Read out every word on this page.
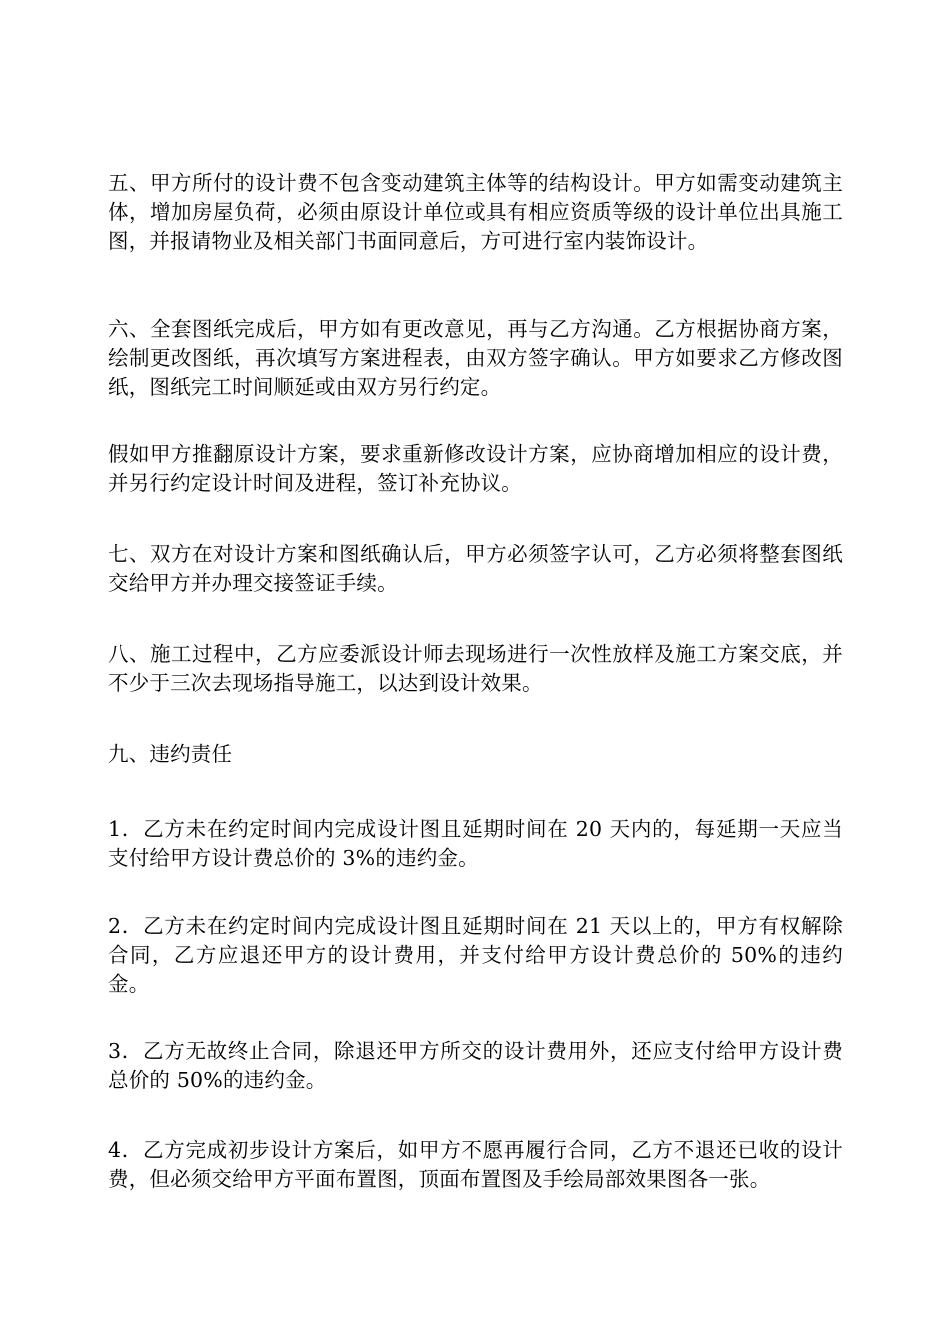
五、甲方所付的设计费不包含变动建筑主体等的结构设计。甲方如需变动建筑主体，增加房屋负荷，必须由原设计单位或具有相应资质等级的设计单位出具施工图，并报请物业及相关部门书面同意后，方可进行室内装饰设计。

六、全套图纸完成后，甲方如有更改意见，再与乙方沟通。乙方根据协商方案，绘制更改图纸，再次填写方案进程表，由双方签字确认。甲方如要求乙方修改图纸，图纸完工时间顺延或由双方另行约定。

假如甲方推翻原设计方案，要求重新修改设计方案，应协商增加相应的设计费，并另行约定设计时间及进程，签订补充协议。

七、双方在对设计方案和图纸确认后，甲方必须签字认可，乙方必须将整套图纸交给甲方并办理交接签证手续。

八、施工过程中，乙方应委派设计师去现场进行一次性放样及施工方案交底，并不少于三次去现场指导施工，以达到设计效果。

九、违约责任

1．乙方未在约定时间内完成设计图且延期时间在 20 天内的，每延期一天应当支付给甲方设计费总价的 3%的违约金。

2．乙方未在约定时间内完成设计图且延期时间在 21 天以上的，甲方有权解除合同，乙方应退还甲方的设计费用，并支付给甲方设计费总价的 50%的违约金。

3．乙方无故终止合同，除退还甲方所交的设计费用外，还应支付给甲方设计费总价的 50%的违约金。

4．乙方完成初步设计方案后，如甲方不愿再履行合同，乙方不退还已收的设计费，但必须交给甲方平面布置图，顶面布置图及手绘局部效果图各一张。
